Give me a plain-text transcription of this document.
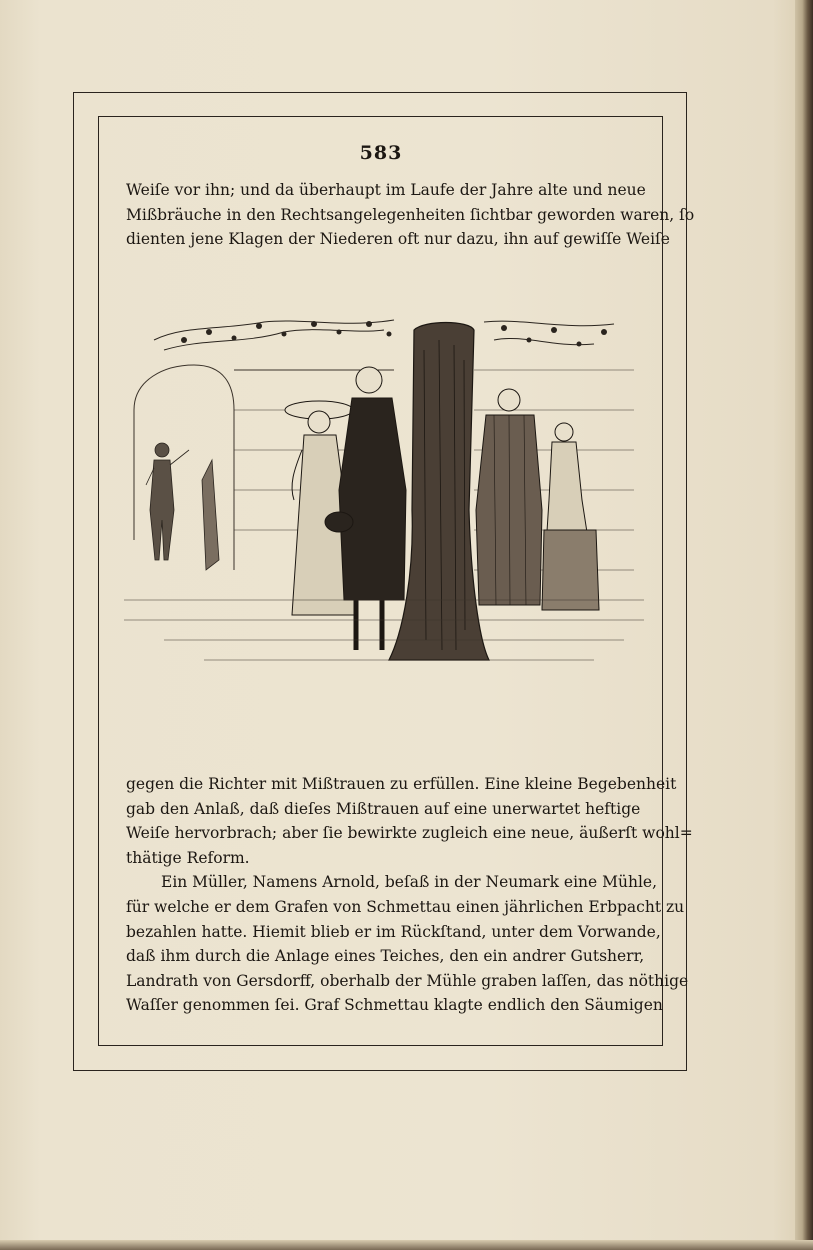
583
Weiſe vor ihn; und da überhaupt im Laufe der Jahre alte und neue
Mißbräuche in den Rechtsangelegenheiten ſichtbar geworden waren, ſo
dienten jene Klagen der Niederen oft nur dazu, ihn auf gewiſſe Weiſe
gegen die Richter mit Mißtrauen zu erfüllen. Eine kleine Begebenheit
gab den Anlaß, daß dieſes Mißtrauen auf eine unerwartet heftige
Weiſe hervorbrach; aber ſie bewirkte zugleich eine neue, äußerſt wohl=
thätige Reform.
Ein Müller, Namens Arnold, beſaß in der Neumark eine Mühle,
für welche er dem Grafen von Schmettau einen jährlichen Erbpacht zu
bezahlen hatte. Hiemit blieb er im Rückſtand, unter dem Vorwande,
daß ihm durch die Anlage eines Teiches, den ein andrer Gutsherr,
Landrath von Gersdorff, oberhalb der Mühle graben laſſen, das nöthige
Waſſer genommen ſei. Graf Schmettau klagte endlich den Säumigen
